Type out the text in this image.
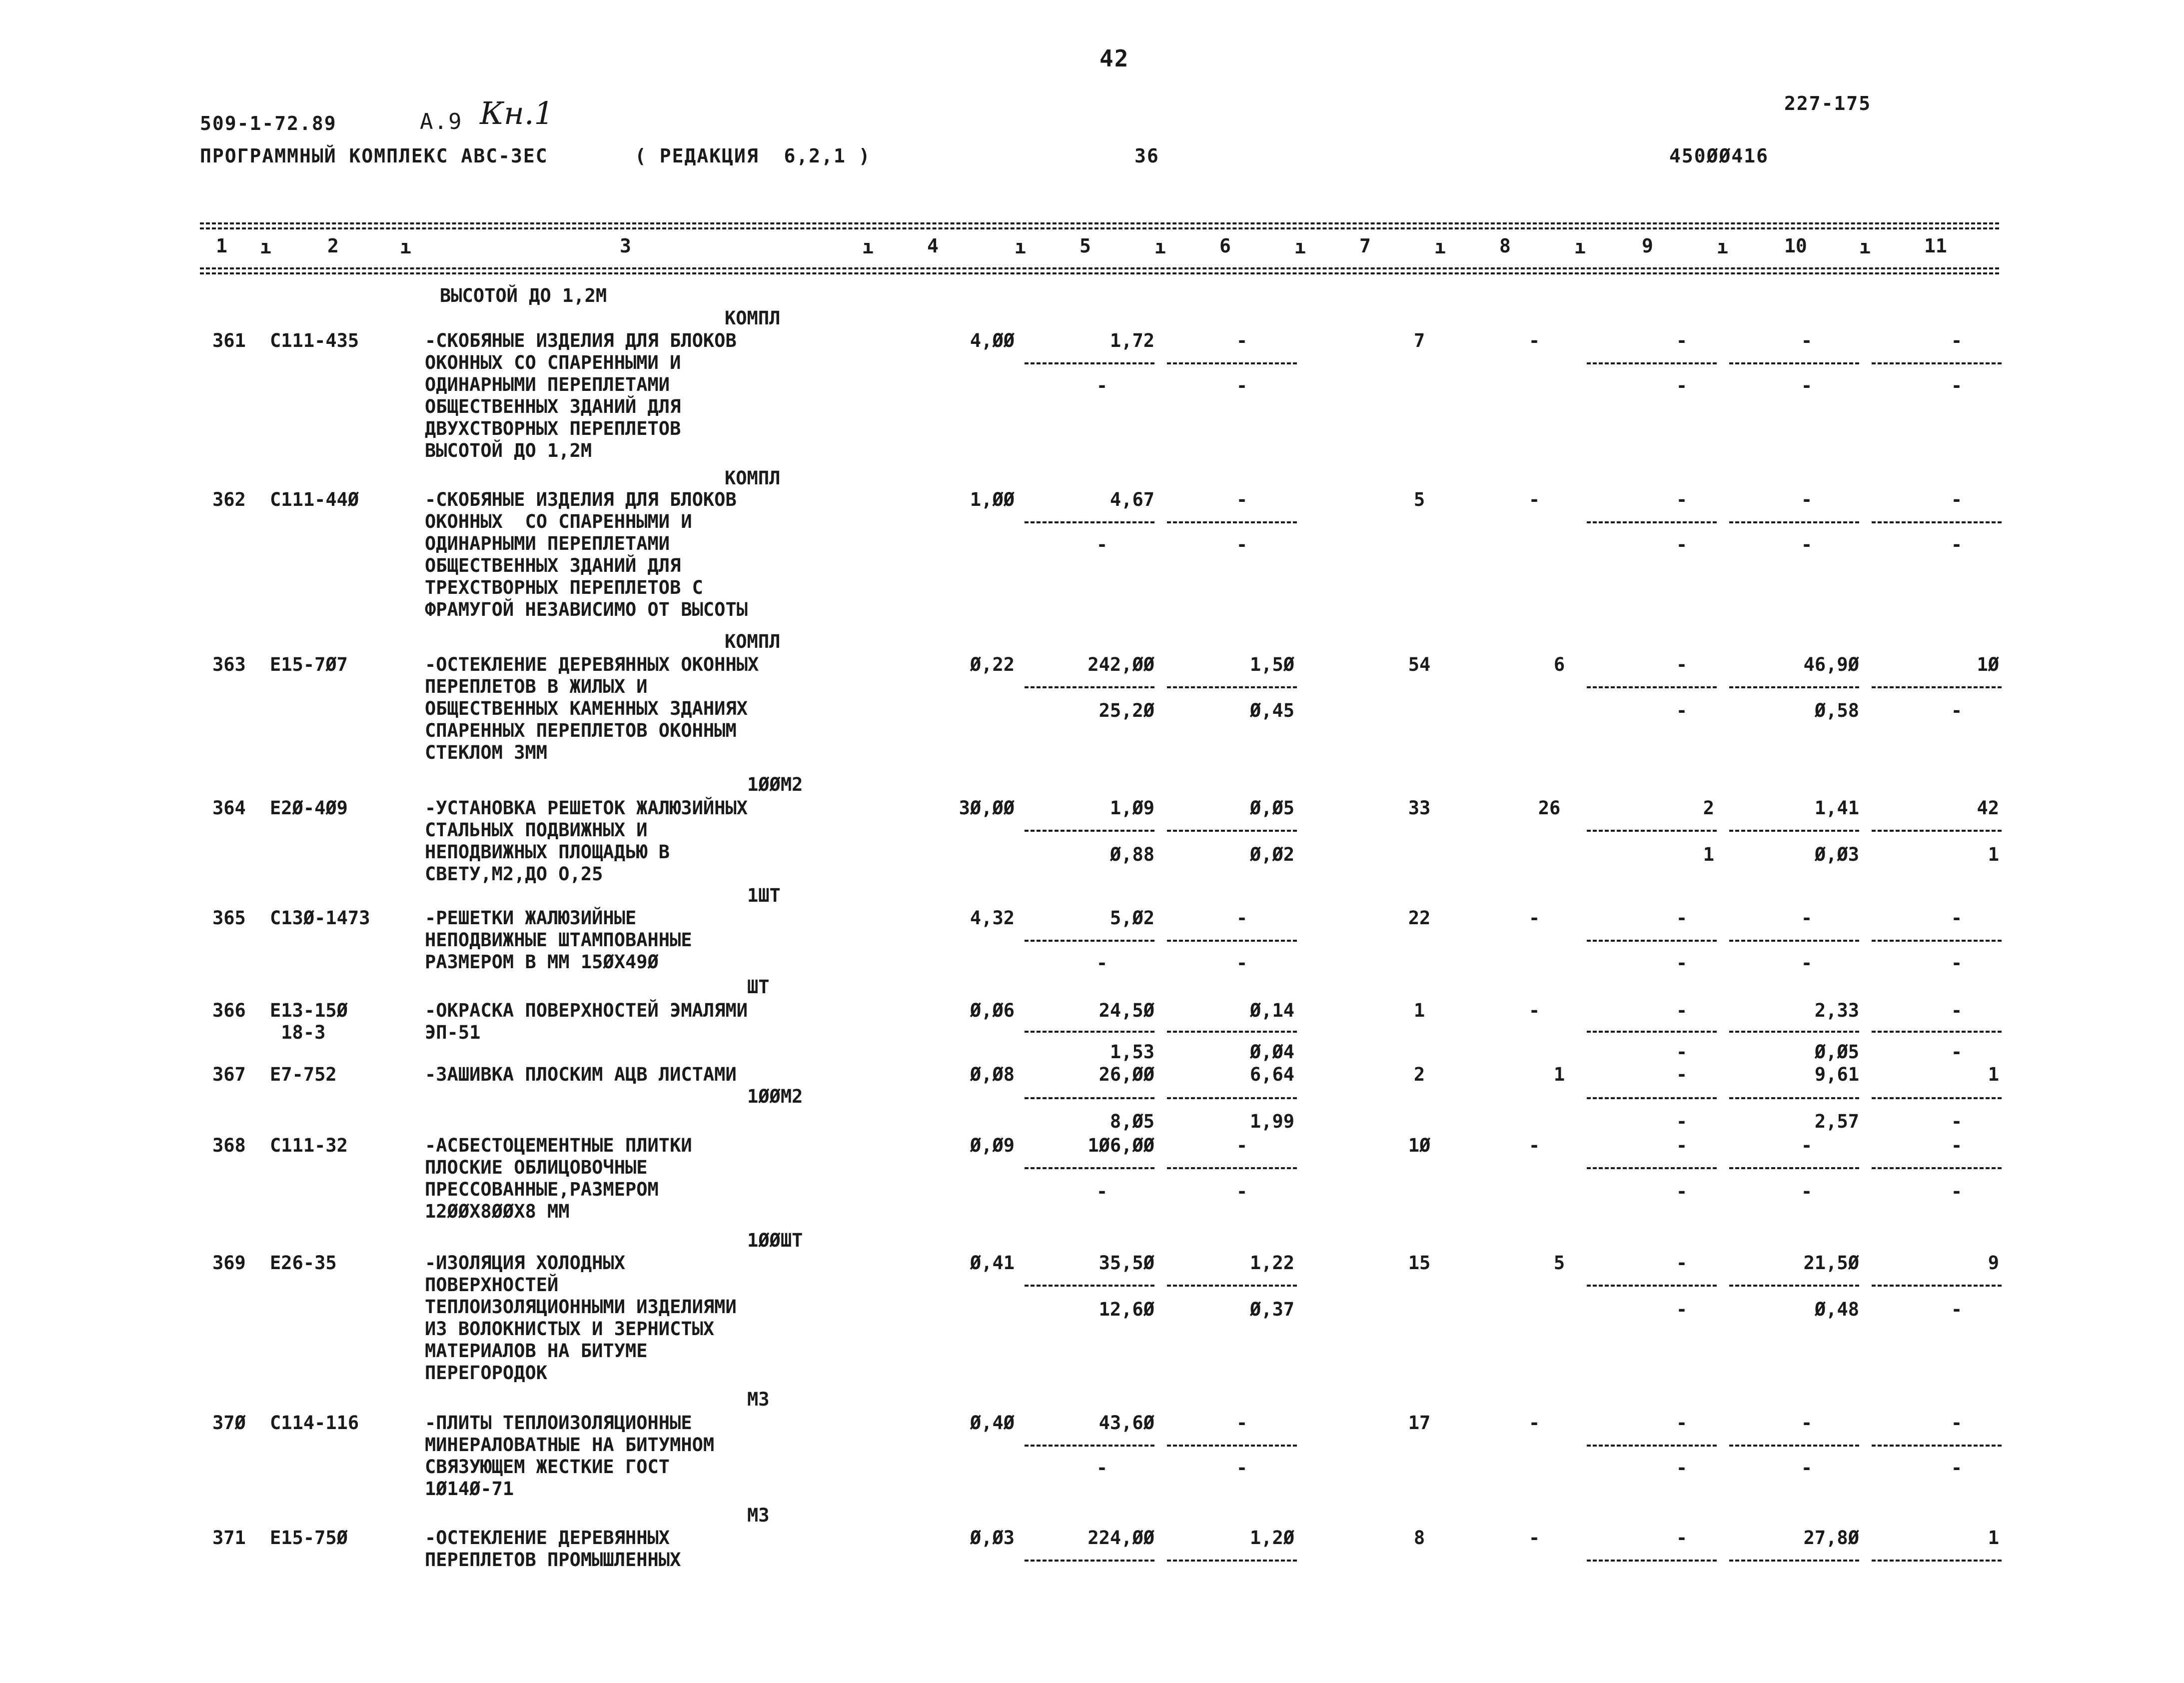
42
509-1-72.89	А.9 Кн.1	227-175
ПРОГРАММНЫЙ КОМПЛЕКС АВС-3ЕС	( РЕДАКЦИЯ  6,2,1 )	36	450ØØ416
1	2	3	4	5	6	7	8	9	10	11
ı	ı	ı	ı	ı	ı	ı	ı	ı	ı
ВЫСОТОЙ ДО 1,2М
КОМПЛ
361 С111-435	-СКОБЯНЫЕ ИЗДЕЛИЯ ДЛЯ БЛОКОВ
ОКОННЫХ СО СПАРЕННЫМИ И
ОДИНАРНЫМИ ПЕРЕПЛЕТАМИ
ОБЩЕСТВЕННЫХ ЗДАНИЙ ДЛЯ
ДВУХСТВОРНЫХ ПЕРЕПЛЕТОВ
ВЫСОТОЙ ДО 1,2М
4,ØØ	1,72	-	7	-	-	-	-
-	-	-	-	-
КОМПЛ
362 С111-44Ø	-СКОБЯНЫЕ ИЗДЕЛИЯ ДЛЯ БЛОКОВ
ОКОННЫХ  СО СПАРЕННЫМИ И
ОДИНАРНЫМИ ПЕРЕПЛЕТАМИ
ОБЩЕСТВЕННЫХ ЗДАНИЙ ДЛЯ
ТРЕХСТВОРНЫХ ПЕРЕПЛЕТОВ С
ФРАМУГОЙ НЕЗАВИСИМО ОТ ВЫСОТЫ
1,ØØ	4,67	-	5	-	-	-	-
-	-	-	-	-
КОМПЛ
363 Е15-7Ø7	-ОСТЕКЛЕНИЕ ДЕРЕВЯННЫХ ОКОННЫХ
ПЕРЕПЛЕТОВ В ЖИЛЫХ И
ОБЩЕСТВЕННЫХ КАМЕННЫХ ЗДАНИЯХ
СПАРЕННЫХ ПЕРЕПЛЕТОВ ОКОННЫМ
СТЕКЛОМ 3ММ
Ø,22	242,ØØ	1,5Ø	54	6	-	46,9Ø	1Ø
25,2Ø	Ø,45	-	Ø,58	-
1ØØМ2
364 Е2Ø-4Ø9	-УСТАНОВКА РЕШЕТОК ЖАЛЮЗИЙНЫХ
СТАЛЬНЫХ ПОДВИЖНЫХ И
НЕПОДВИЖНЫХ ПЛОЩАДЬЮ В
СВЕТУ,М2,ДО О,25
3Ø,ØØ	1,Ø9	Ø,Ø5	33	26	2	1,41	42
Ø,88	Ø,Ø2	1	Ø,Ø3	1
1ШТ
365 С13Ø-1473	-РЕШЕТКИ ЖАЛЮЗИЙНЫЕ
НЕПОДВИЖНЫЕ ШТАМПОВАННЫЕ
РАЗМЕРОМ В ММ 15ØХ49Ø
4,32	5,Ø2	-	22	-	-	-	-
-	-	-	-	-
ШТ
366 Е13-15Ø
18-3
-ОКРАСКА ПОВЕРХНОСТЕЙ ЭМАЛЯМИ
ЭП-51
Ø,Ø6	24,5Ø	Ø,14	1	-	-	2,33	-
1,53	Ø,Ø4	-	Ø,Ø5	-
367 Е7-752	-ЗАШИВКА ПЛОСКИМ АЦВ ЛИСТАМИ
1ØØМ2
Ø,Ø8	26,ØØ	6,64	2	1	-	9,61	1
8,Ø5	1,99	-	2,57	-
368 С111-32	-АСБЕСТОЦЕМЕНТНЫЕ ПЛИТКИ
ПЛОСКИЕ ОБЛИЦОВОЧНЫЕ
ПРЕССОВАННЫЕ,РАЗМЕРОМ
12ØØХ8ØØХ8 ММ
1ØØШТ
Ø,Ø9	1Ø6,ØØ	-	1Ø	-	-	-	-
-	-	-	-	-
369 Е26-35	-ИЗОЛЯЦИЯ ХОЛОДНЫХ
ПОВЕРХНОСТЕЙ
ТЕПЛОИЗОЛЯЦИОННЫМИ ИЗДЕЛИЯМИ
ИЗ ВОЛОКНИСТЫХ И ЗЕРНИСТЫХ
МАТЕРИАЛОВ НА БИТУМЕ
ПЕРЕГОРОДОК
Ø,41	35,5Ø	1,22	15	5	-	21,5Ø	9
12,6Ø	Ø,37	-	Ø,48	-
М3
37Ø С114-116	-ПЛИТЫ ТЕПЛОИЗОЛЯЦИОННЫЕ
МИНЕРАЛОВАТНЫЕ НА БИТУМНОМ
СВЯЗУЮЩЕМ ЖЕСТКИЕ ГОСТ
1Ø14Ø-71
Ø,4Ø	43,6Ø	-	17	-	-	-	-
-	-	-	-	-
М3
371 Е15-75Ø	-ОСТЕКЛЕНИЕ ДЕРЕВЯННЫХ
ПЕРЕПЛЕТОВ ПРОМЫШЛЕННЫХ
Ø,Ø3	224,ØØ	1,2Ø	8	-	-	27,8Ø	1
